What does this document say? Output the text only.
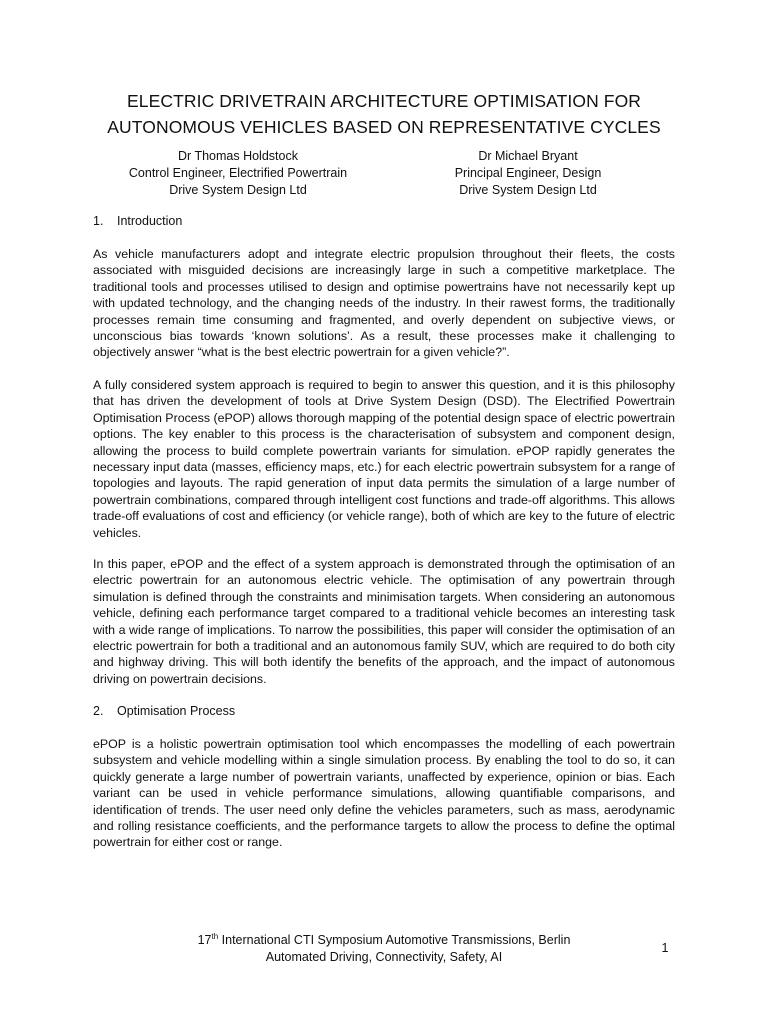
ELECTRIC DRIVETRAIN ARCHITECTURE OPTIMISATION FOR
AUTONOMOUS VEHICLES BASED ON REPRESENTATIVE CYCLES
Dr Thomas Holdstock
Control Engineer, Electrified Powertrain
Drive System Design Ltd
Dr Michael Bryant
Principal Engineer, Design
Drive System Design Ltd
1. Introduction

As vehicle manufacturers adopt and integrate electric propulsion throughout their fleets, the costs associated with misguided decisions are increasingly large in such a competitive marketplace. The traditional tools and processes utilised to design and optimise powertrains have not necessarily kept up with updated technology, and the changing needs of the industry. In their rawest forms, the traditionally processes remain time consuming and fragmented, and overly dependent on subjective views, or unconscious bias towards ‘known solutions’. As a result, these processes make it challenging to objectively answer “what is the best electric powertrain for a given vehicle?”.

A fully considered system approach is required to begin to answer this question, and it is this philosophy that has driven the development of tools at Drive System Design (DSD). The Electrified Powertrain Optimisation Process (ePOP) allows thorough mapping of the potential design space of electric powertrain options. The key enabler to this process is the characterisation of subsystem and component design, allowing the process to build complete powertrain variants for simulation. ePOP rapidly generates the necessary input data (masses, efficiency maps, etc.) for each electric powertrain subsystem for a range of topologies and layouts. The rapid generation of input data permits the simulation of a large number of powertrain combinations, compared through intelligent cost functions and trade-off algorithms. This allows trade-off evaluations of cost and efficiency (or vehicle range), both of which are key to the future of electric vehicles.

In this paper, ePOP and the effect of a system approach is demonstrated through the optimisation of an electric powertrain for an autonomous electric vehicle. The optimisation of any powertrain through simulation is defined through the constraints and minimisation targets. When considering an autonomous vehicle, defining each performance target compared to a traditional vehicle becomes an interesting task with a wide range of implications. To narrow the possibilities, this paper will consider the optimisation of an electric powertrain for both a traditional and an autonomous family SUV, which are required to do both city and highway driving. This will both identify the benefits of the approach, and the impact of autonomous driving on powertrain decisions.

2. Optimisation Process

ePOP is a holistic powertrain optimisation tool which encompasses the modelling of each powertrain subsystem and vehicle modelling within a single simulation process. By enabling the tool to do so, it can quickly generate a large number of powertrain variants, unaffected by experience, opinion or bias. Each variant can be used in vehicle performance simulations, allowing quantifiable comparisons, and identification of trends. The user need only define the vehicles parameters, such as mass, aerodynamic and rolling resistance coefficients, and the performance targets to allow the process to define the optimal powertrain for either cost or range.

17th International CTI Symposium Automotive Transmissions, Berlin
Automated Driving, Connectivity, Safety, AI
1
